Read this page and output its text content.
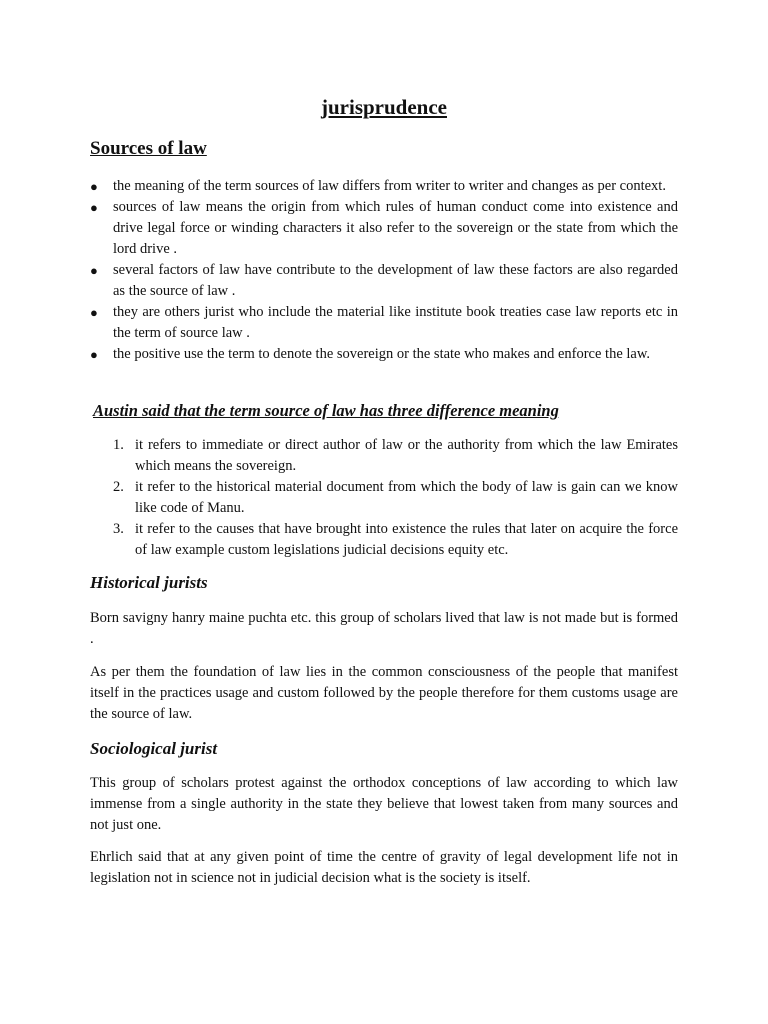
jurisprudence
Sources of law
● the meaning of the term sources of law differs from writer to writer and changes as per context.
● sources of law means the origin from which rules of human conduct come into existence and drive legal force or winding characters it also refer to the sovereign or the state from which the lord drive .
● several factors of law have contribute to the development of law these factors are also regarded as the source of law .
● they are others jurist who include the material like institute book treaties case law reports etc in the term of source law .
● the positive use the term to denote the sovereign or the state who makes and enforce the law.
Austin said that the term source of law has three difference meaning
1. it refers to immediate or direct author of law or the authority from which the law Emirates which means the sovereign.
2. it refer to the historical material document from which the body of law is gain can we know like code of Manu.
3. it refer to the causes that have brought into existence the rules that later on acquire the force of law example custom legislations judicial decisions equity etc.
Historical jurists

Born savigny hanry maine puchta etc. this group of scholars lived that law is not made but is formed .

As per them the foundation of law lies in the common consciousness of the people that manifest itself in the practices usage and custom followed by the people therefore for them customs usage are the source of law.

Sociological jurist

This group of scholars protest against the orthodox conceptions of law according to which law immense from a single authority in the state they believe that lowest taken from many sources and not just one.

Ehrlich said that at any given point of time the centre of gravity of legal development life not in legislation not in science not in judicial decision what is the society is itself.
